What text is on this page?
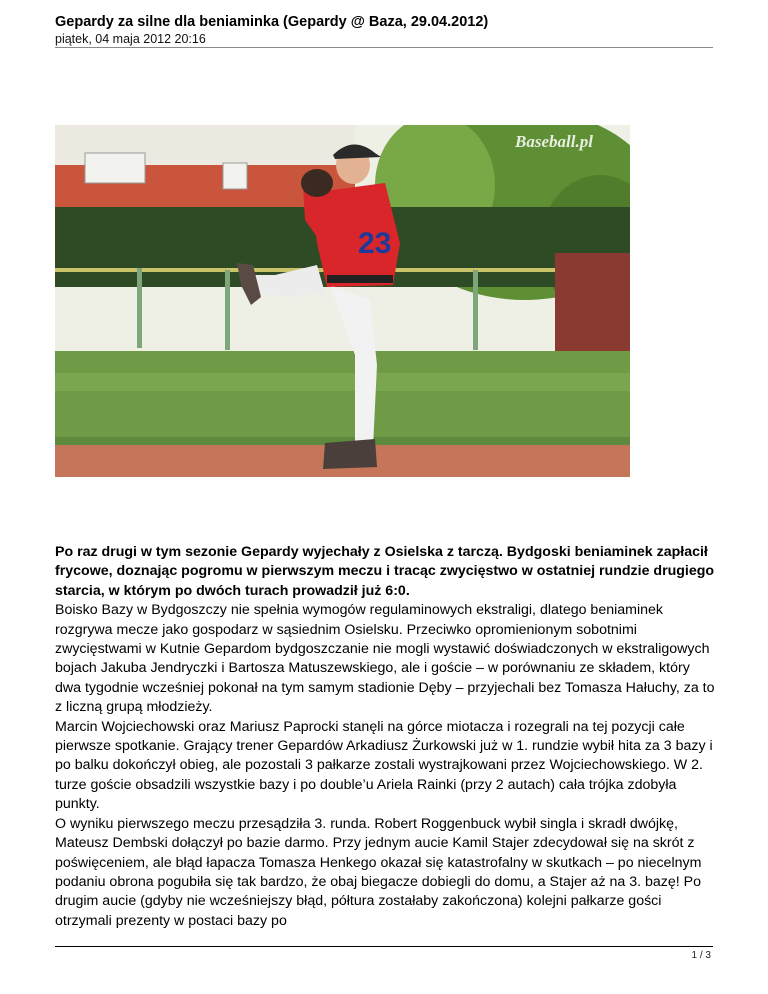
Gepardy za silne dla beniaminka (Gepardy @ Baza, 29.04.2012)
piątek, 04 maja 2012 20:16
23
Baseball.pl

Po raz drugi w tym sezonie Gepardy wyjechały z Osielska z tarczą. Bydgoski beniaminek zapłacił frycowe, doznając pogromu w pierwszym meczu i tracąc zwycięstwo w ostatniej rundzie drugiego starcia, w którym po dwóch turach prowadził już 6:0.

Boisko Bazy w Bydgoszczy nie spełnia wymogów regulaminowych ekstraligi, dlatego beniaminek rozgrywa mecze jako gospodarz w sąsiednim Osielsku. Przeciwko opromienionym sobotnimi zwycięstwami w Kutnie Gepardom bydgoszczanie nie mogli wystawić doświadczonych w ekstraligowych bojach Jakuba Jendryczki i Bartosza Matuszewskiego, ale i goście – w porównaniu ze składem, który dwa tygodnie wcześniej pokonał na tym samym stadionie Dęby – przyjechali bez Tomasza Hałuchy, za to z liczną grupą młodzieży.

Marcin Wojciechowski oraz Mariusz Paprocki stanęli na górce miotacza i rozegrali na tej pozycji całe pierwsze spotkanie. Grający trener Gepardów Arkadiusz Żurkowski już w 1. rundzie wybił hita za 3 bazy i po balku dokończył obieg, ale pozostali 3 pałkarze zostali wystrajkowani przez Wojciechowskiego. W 2. turze goście obsadzili wszystkie bazy i po double’u Ariela Rainki (przy 2 autach) cała trójka zdobyła punkty.

O wyniku pierwszego meczu przesądziła 3. runda. Robert Roggenbuck wybił singla i skradł dwójkę, Mateusz Dembski dołączył po bazie darmo. Przy jednym aucie Kamil Stajer zdecydował się na skrót z poświęceniem, ale błąd łapacza Tomasza Henkego okazał się katastrofalny w skutkach – po niecelnym podaniu obrona pogubiła się tak bardzo, że obaj biegacze dobiegli do domu, a Stajer aż na 3. bazę! Po drugim aucie (gdyby nie wcześniejszy błąd, półtura zostałaby zakończona) kolejni pałkarze gości otrzymali prezenty w postaci bazy po

1 / 3
